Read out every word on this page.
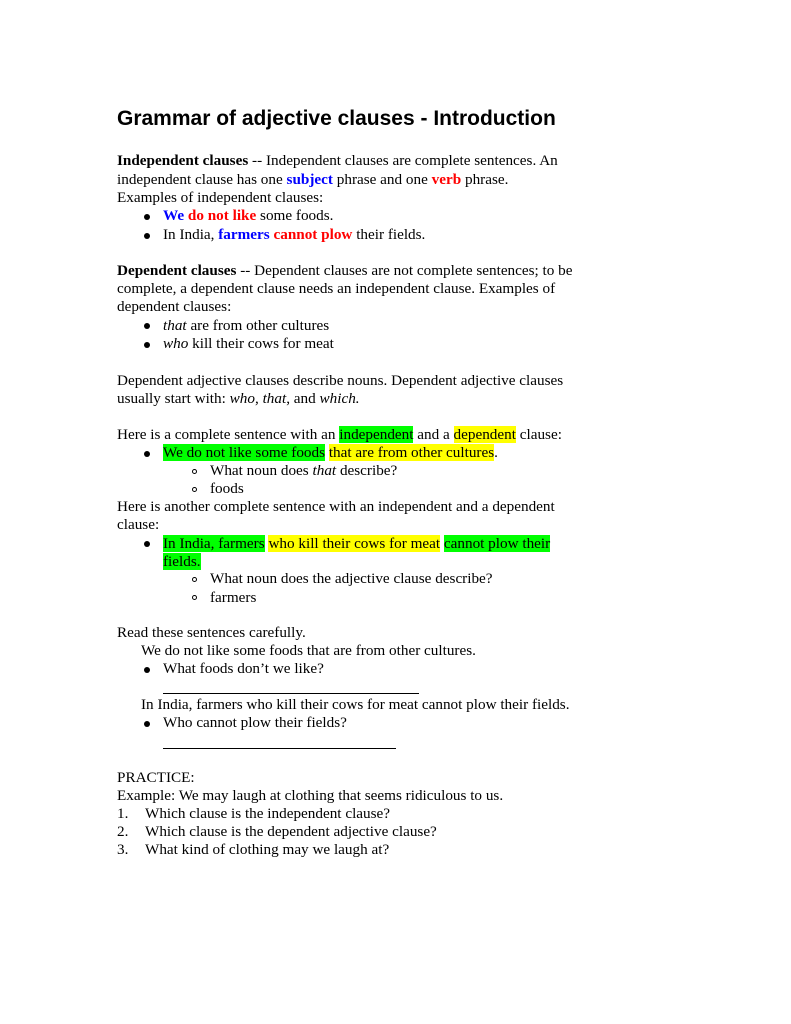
Grammar of adjective clauses - Introduction
Independent clauses -- Independent clauses are complete sentences. An
independent clause has one subject phrase and one verb phrase.
Examples of independent clauses:
We do not like some foods.
In India, farmers cannot plow their fields.
Dependent clauses -- Dependent clauses are not complete sentences; to be
complete, a dependent clause needs an independent clause. Examples of
dependent clauses:
that are from other cultures
who kill their cows for meat
Dependent adjective clauses describe nouns. Dependent adjective clauses
usually start with: who, that, and which.
Here is a complete sentence with an independent and a dependent clause:
We do not like some foods that are from other cultures.
What noun does that describe?
foods
Here is another complete sentence with an independent and a dependent
clause:
In India, farmers who kill their cows for meat cannot plow their
fields.
What noun does the adjective clause describe?
farmers
Read these sentences carefully.
We do not like some foods that are from other cultures.
What foods don’t we like?
In India, farmers who kill their cows for meat cannot plow their fields.
Who cannot plow their fields?
PRACTICE:
Example: We may laugh at clothing that seems ridiculous to us.
1. Which clause is the independent clause?
2. Which clause is the dependent adjective clause?
3. What kind of clothing may we laugh at?
